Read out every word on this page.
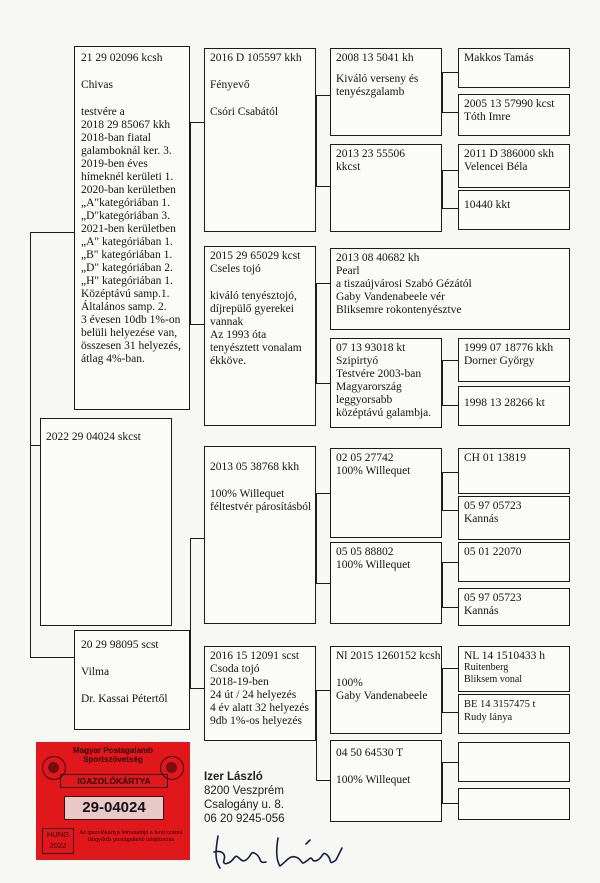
2022 29 04024 skcst
21 29 02096 kcsh
Chivas
testvére a
2018 29 85067 kkh
2018-ban fiatal
galamboknál ker. 3.
2019-ben éves
hímeknél kerületi 1.
2020-ban kerületben
„A"kategóriában 1.
„D"kategóriában 3.
2021-ben kerületben
„A" kategóriában 1.
„B" kategóriában 1.
„D" kategóriában 2.
„H" kategóriában 1.
Középtávú samp.1.
Általános samp. 2.
3 évesen 10db 1%-on
belüli helyezése van,
összesen 31 helyezés,
átlag 4%-ban.
20 29 98095 scst
Vilma
Dr. Kassai Pétertől
2016 D 105597 kkh
Fényevő
Csóri Csabától
2015 29 65029 kcst
Cseles tojó
kiváló tenyésztojó,
díjrepülő gyerekei
vannak
Az 1993 óta
tenyésztett vonalam
ékköve.
2013 05 38768 kkh
100% Willequet
féltestvér párosításból
2016 15 12091 scst
Csoda tojó
2018-19-ben
24 út / 24 helyezés
4 év alatt 32 helyezés
9db 1%-os helyezés
2008 13 5041 kh
Kiváló verseny és
tenyészgalamb
2013 23 55506
kkcst
2013 08 40682 kh
Pearl
a tiszaújvárosi Szabó Gézától
Gaby Vandenabeele vér
Bliksemre rokontenyésztve
07 13 93018 kt
Szipirtyó
Testvére 2003-ban
Magyarország
leggyorsabb
középtávú galambja.
02 05 27742
100% Willequet
05 05 88802
100% Willequet
Nl 2015 1260152 kcsh
100%
Gaby Vandenabeele
04 50 64530 T
100% Willequet
Makkos Tamás
2005 13 57990 kcst
Tóth Imre
2011 D 386000 skh
Velencei Béla
10440 kkt
1999 07 18776 kkh
Dorner György
1998 13 28266 kt
CH 01 13819
05 97 05723
Kannás
05 01 22070
05 97 05723
Kannás
NL 14 1510433 h
Ruitenberg
Bliksem vonal
BE 14 3157475 t
Rudy lánya
Magyar Postagalamb Sportszövetség
IGAZOLÓKÁRTYA
29-04024
HUNG 2022
Az igazolókártya felmutatója a fenti számú lábgyűrűs postagalamb tulajdonosa
Izer László
8200 Veszprém
Csalogány u. 8.
06 20 9245-056
